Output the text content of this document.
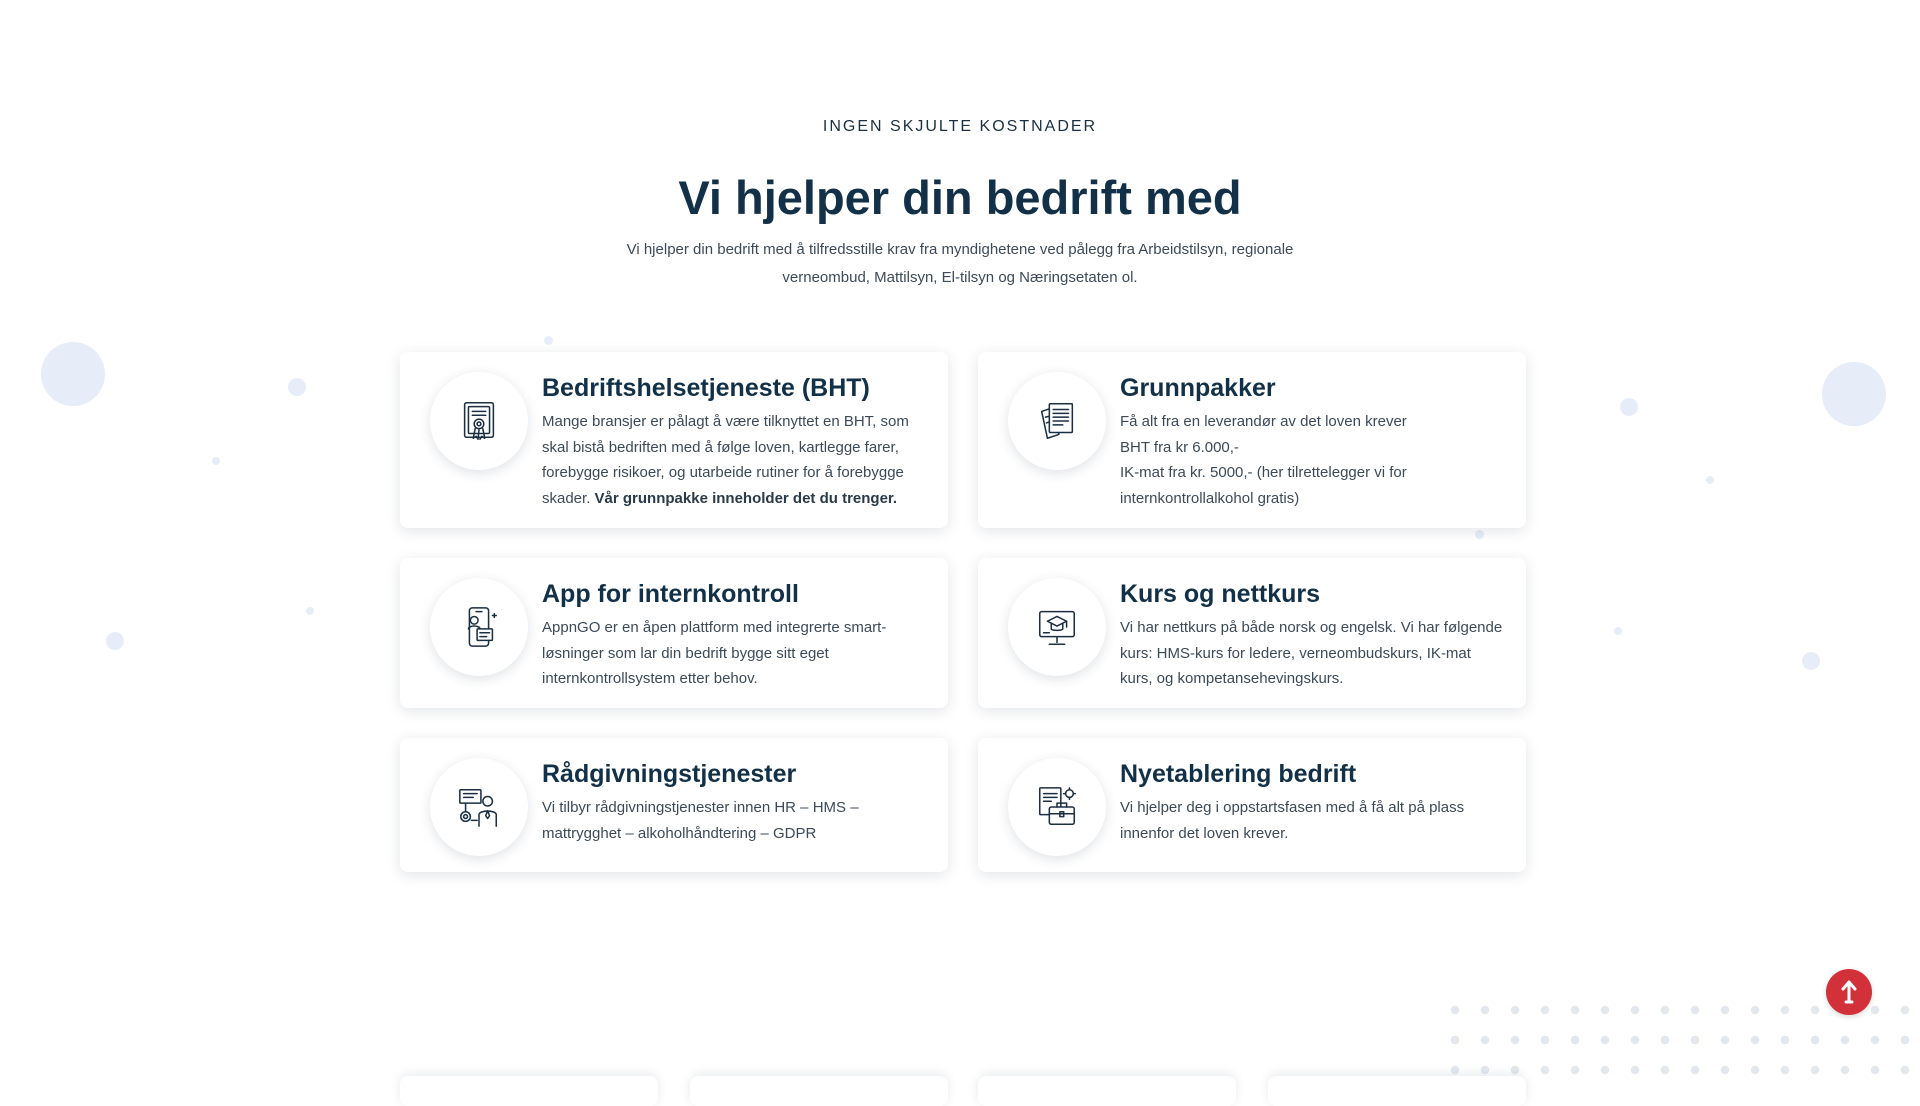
INGEN SKJULTE KOSTNADER
Vi hjelper din bedrift med

Vi hjelper din bedrift med å tilfredsstille krav fra myndighetene ved pålegg fra Arbeidstilsyn, regionale verneombud, Mattilsyn, El-tilsyn og Næringsetaten ol.

Bedriftshelsetjeneste (BHT)

Mange bransjer er pålagt å være tilknyttet en BHT, som skal bistå bedriften med å følge loven, kartlegge farer, forebygge risikoer, og utarbeide rutiner for å forebygge skader. Vår grunnpakke inneholder det du trenger.

Grunnpakker

Få alt fra en leverandør av det loven krever
BHT fra kr 6.000,-
IK-mat fra kr. 5000,- (her tilrettelegger vi for internkontrollalkohol gratis)

App for internkontroll

AppnGO er en åpen plattform med integrerte smart-løsninger som lar din bedrift bygge sitt eget internkontrollsystem etter behov.

Kurs og nettkurs

Vi har nettkurs på både norsk og engelsk. Vi har følgende kurs: HMS-kurs for ledere, verneombudskurs, IK-mat kurs, og kompetansehevingskurs.

Rådgivningstjenester

Vi tilbyr rådgivningstjenester innen HR – HMS – mattrygghet – alkoholhåndtering – GDPR

Nyetablering bedrift

Vi hjelper deg i oppstartsfasen med å få alt på plass innenfor det loven krever.
